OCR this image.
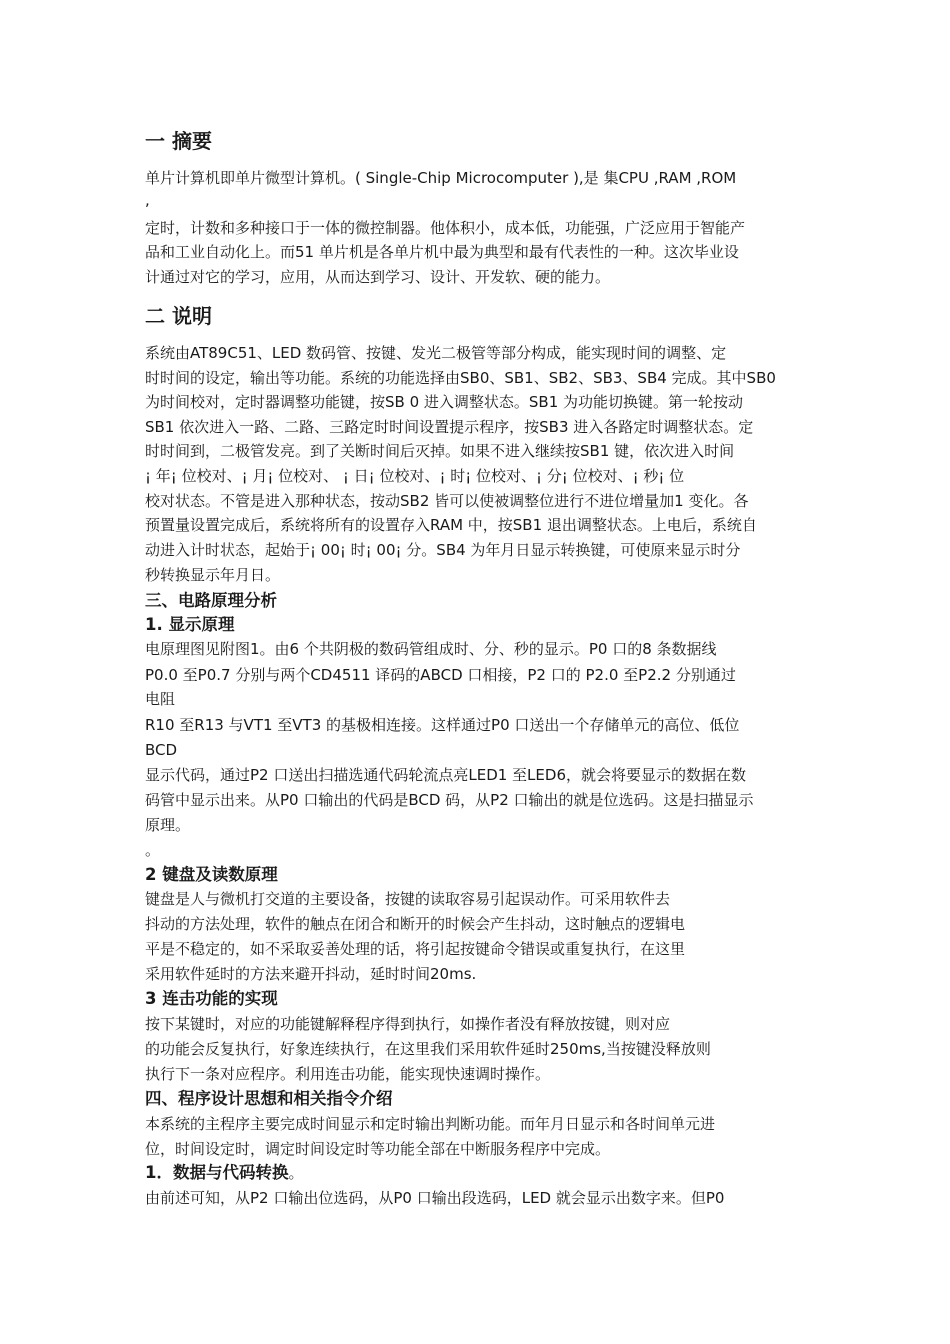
一 摘要
单片计算机即单片微型计算机。( Single-Chip Microcomputer ),是 集CPU ,RAM ,ROM
,
定时，计数和多种接口于一体的微控制器。他体积小，成本低，功能强，广泛应用于智能产
品和工业自动化上。而51 单片机是各单片机中最为典型和最有代表性的一种。这次毕业设
计通过对它的学习，应用，从而达到学习、设计、开发软、硬的能力。
二 说明
系统由AT89C51、LED 数码管、按键、发光二极管等部分构成，能实现时间的调整、定
时时间的设定，输出等功能。系统的功能选择由SB0、SB1、SB2、SB3、SB4 完成。其中SB0
为时间校对，定时器调整功能键，按SB 0 进入调整状态。SB1 为功能切换键。第一轮按动
SB1 依次进入一路、二路、三路定时时间设置提示程序，按SB3 进入各路定时调整状态。定
时时间到，二极管发亮。到了关断时间后灭掉。如果不进入继续按SB1 键，依次进入时间
¡ 年¡ 位校对、¡ 月¡ 位校对、 ¡ 日¡ 位校对、¡ 时¡ 位校对、¡ 分¡ 位校对、¡ 秒¡ 位
校对状态。不管是进入那种状态，按动SB2 皆可以使被调整位进行不进位增量加1 变化。各
预置量设置完成后，系统将所有的设置存入RAM 中，按SB1 退出调整状态。上电后，系统自
动进入计时状态，起始于¡ 00¡ 时¡ 00¡ 分。SB4 为年月日显示转换键，可使原来显示时分
秒转换显示年月日。
三、电路原理分析
1. 显示原理
电原理图见附图1。由6 个共阴极的数码管组成时、分、秒的显示。P0 口的8 条数据线
P0.0 至P0.7 分别与两个CD4511 译码的ABCD 口相接，P2 口的 P2.0 至P2.2 分别通过
电阻
R10 至R13 与VT1 至VT3 的基极相连接。这样通过P0 口送出一个存储单元的高位、低位
BCD
显示代码，通过P2 口送出扫描选通代码轮流点亮LED1 至LED6，就会将要显示的数据在数
码管中显示出来。从P0 口输出的代码是BCD 码，从P2 口输出的就是位选码。这是扫描显示
原理。
。
2 键盘及读数原理
键盘是人与微机打交道的主要设备，按键的读取容易引起误动作。可采用软件去
抖动的方法处理，软件的触点在闭合和断开的时候会产生抖动，这时触点的逻辑电
平是不稳定的，如不采取妥善处理的话，将引起按键命令错误或重复执行，在这里
采用软件延时的方法来避开抖动，延时时间20ms.
3 连击功能的实现
按下某键时，对应的功能键解释程序得到执行，如操作者没有释放按键，则对应
的功能会反复执行，好象连续执行，在这里我们采用软件延时250ms,当按键没释放则
执行下一条对应程序。利用连击功能，能实现快速调时操作。
四、程序设计思想和相关指令介绍
本系统的主程序主要完成时间显示和定时输出判断功能。而年月日显示和各时间单元进
位，时间设定时，调定时间设定时等功能全部在中断服务程序中完成。
1．数据与代码转换。
由前述可知，从P2 口输出位选码，从P0 口输出段选码，LED 就会显示出数字来。但P0
